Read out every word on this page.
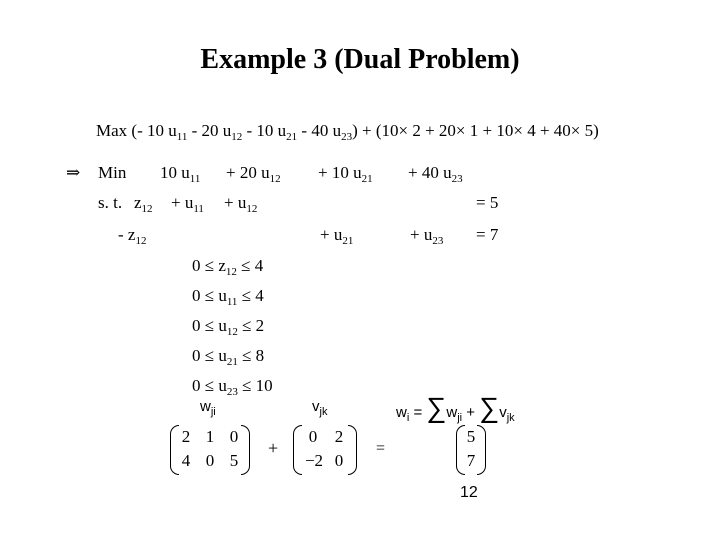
Example 3 (Dual Problem)
Max (- 10 $u_{11} - 20$ $u_{12} - 10$ $u_{21} - 40$ $u_{23}) + (10\times 2 + 20\times 1 + 10\times 4 + 40\times 5)$
⇒ Min 10 $u_{11} + 20$ $u_{12} + 10$ $u_{21} + 40$ $u_{23}$
s. t. $z_{12} + u_{11} + u_{12}$	= 5
- $z_{12}$	+ $u_{21}$	+ $u_{23} = 7$
$0 \le z_{12} \le 4$
$0 \le u_{11} \le 4$
$0 \le u_{12} \le 2$
$0 \le u_{21} \le 8$
$0 \le u_{23} \le 10$
$w_{ji}$	$v_{jk}$	$w_i = \sum w_{ji} + \sum v_{jk}$
2 1 0
4 0 5
+
0	2
−2 0
=
5
7
12
